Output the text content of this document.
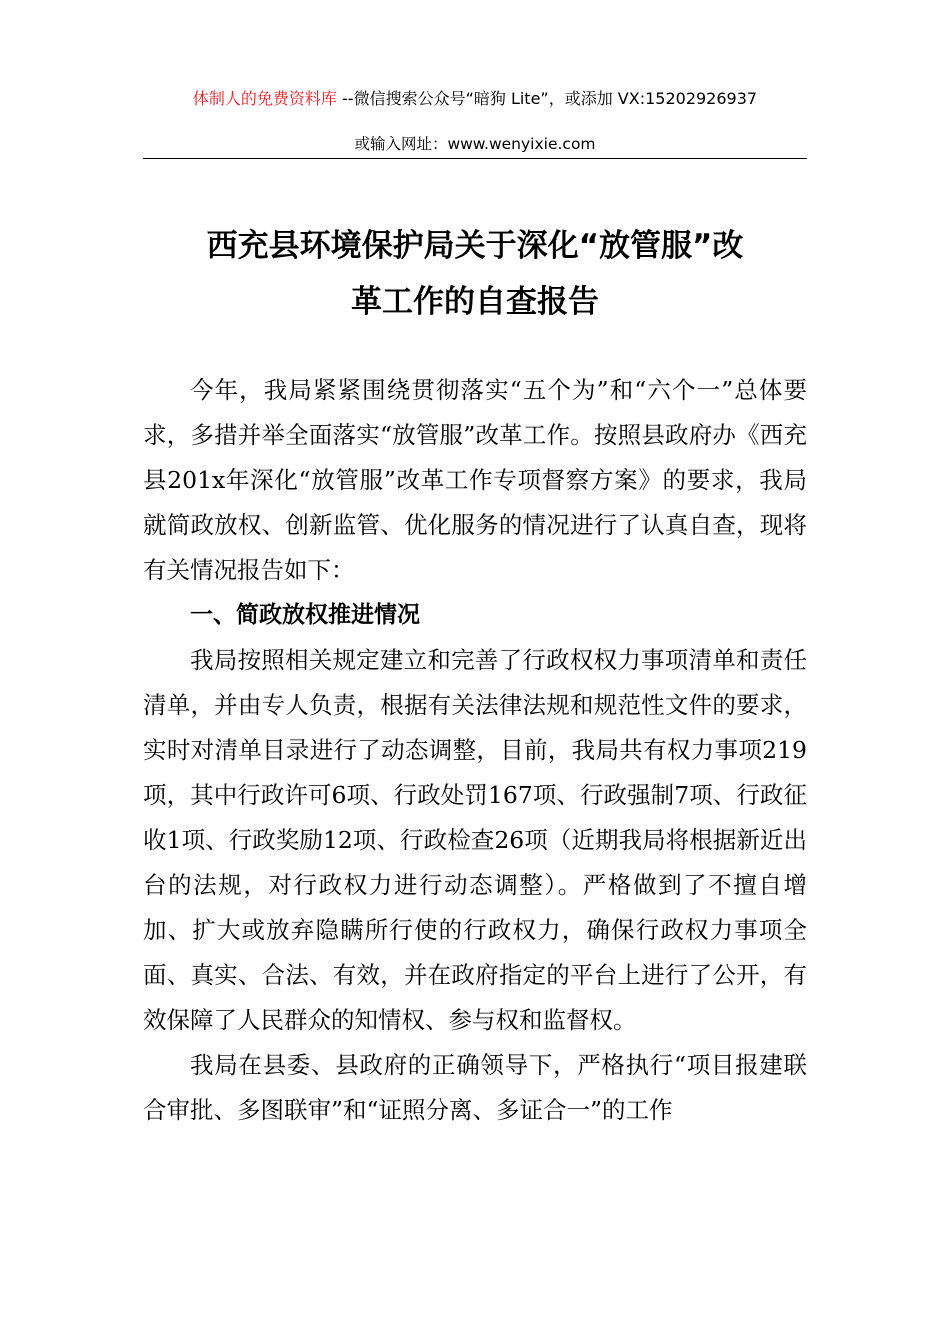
体制人的免费资料库 --微信搜索公众号“暗狗 Lite”，或添加 VX:15202926937
或输入网址：www.wenyixie.com
西充县环境保护局关于深化“放管服”改
革工作的自查报告

今年，我局紧紧围绕贯彻落实“五个为”和“六个一”总体要求，多措并举全面落实“放管服”改革工作。按照县政府办《西充县201x年深化“放管服”改革工作专项督察方案》的要求，我局就简政放权、创新监管、优化服务的情况进行了认真自查，现将有关情况报告如下：

一、简政放权推进情况

我局按照相关规定建立和完善了行政权权力事项清单和责任清单，并由专人负责，根据有关法律法规和规范性文件的要求，实时对清单目录进行了动态调整，目前，我局共有权力事项219项，其中行政许可6项、行政处罚167项、行政强制7项、行政征收1项、行政奖励12项、行政检查26项（近期我局将根据新近出台的法规，对行政权力进行动态调整）。严格做到了不擅自增加、扩大或放弃隐瞒所行使的行政权力，确保行政权力事项全面、真实、合法、有效，并在政府指定的平台上进行了公开，有效保障了人民群众的知情权、参与权和监督权。

我局在县委、县政府的正确领导下，严格执行“项目报建联合审批、多图联审”和“证照分离、多证合一”的工作
